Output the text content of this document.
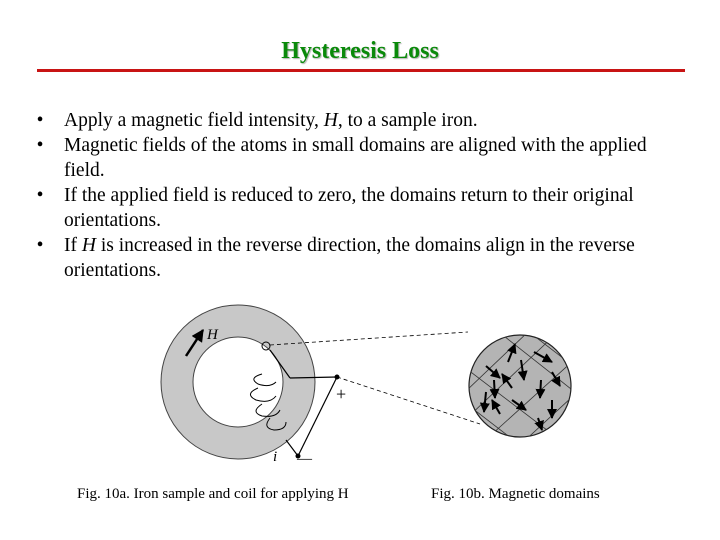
Hysteresis Loss
•	Apply a magnetic field intensity, H, to a sample iron.
•	Magnetic fields of the atoms in small domains are aligned with the applied field.
•	If the applied field is reduced to zero, the domains return to their original orientations.
•	If H is increased in the reverse direction, the domains align in the reverse orientations.
H
i
+
—
Fig. 10a. Iron sample and coil for applying H	Fig. 10b. Magnetic domains
